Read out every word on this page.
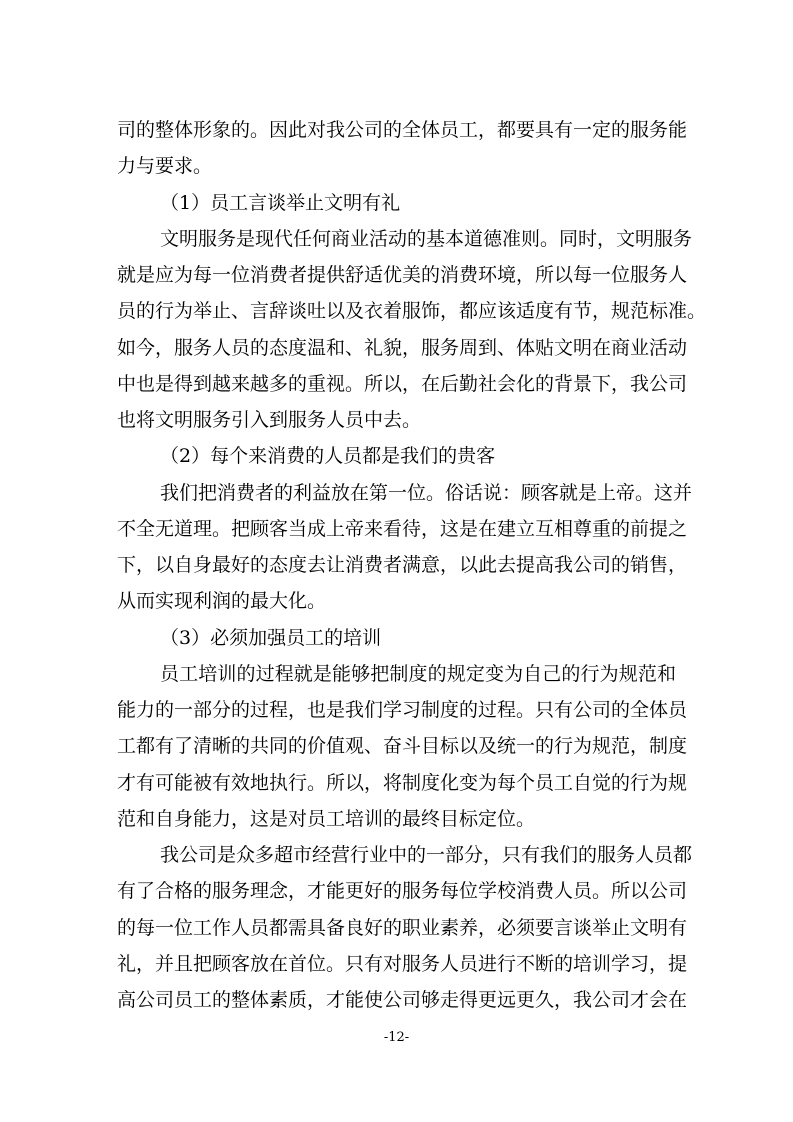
司的整体形象的。因此对我公司的全体员工，都要具有一定的服务能
力与要求。
（1）员工言谈举止文明有礼
文明服务是现代任何商业活动的基本道德准则。同时，文明服务
就是应为每一位消费者提供舒适优美的消费环境，所以每一位服务人
员的行为举止、言辞谈吐以及衣着服饰，都应该适度有节，规范标准。
如今，服务人员的态度温和、礼貌，服务周到、体贴文明在商业活动
中也是得到越来越多的重视。所以，在后勤社会化的背景下，我公司
也将文明服务引入到服务人员中去。
（2）每个来消费的人员都是我们的贵客
我们把消费者的利益放在第一位。俗话说：顾客就是上帝。这并
不全无道理。把顾客当成上帝来看待，这是在建立互相尊重的前提之
下，以自身最好的态度去让消费者满意，以此去提高我公司的销售，
从而实现利润的最大化。
（3）必须加强员工的培训
员工培训的过程就是能够把制度的规定变为自己的行为规范和
能力的一部分的过程，也是我们学习制度的过程。只有公司的全体员
工都有了清晰的共同的价值观、奋斗目标以及统一的行为规范，制度
才有可能被有效地执行。所以，将制度化变为每个员工自觉的行为规
范和自身能力，这是对员工培训的最终目标定位。
我公司是众多超市经营行业中的一部分，只有我们的服务人员都
有了合格的服务理念，才能更好的服务每位学校消费人员。所以公司
的每一位工作人员都需具备良好的职业素养，必须要言谈举止文明有
礼，并且把顾客放在首位。只有对服务人员进行不断的培训学习，提
高公司员工的整体素质，才能使公司够走得更远更久，我公司才会在
-12-
